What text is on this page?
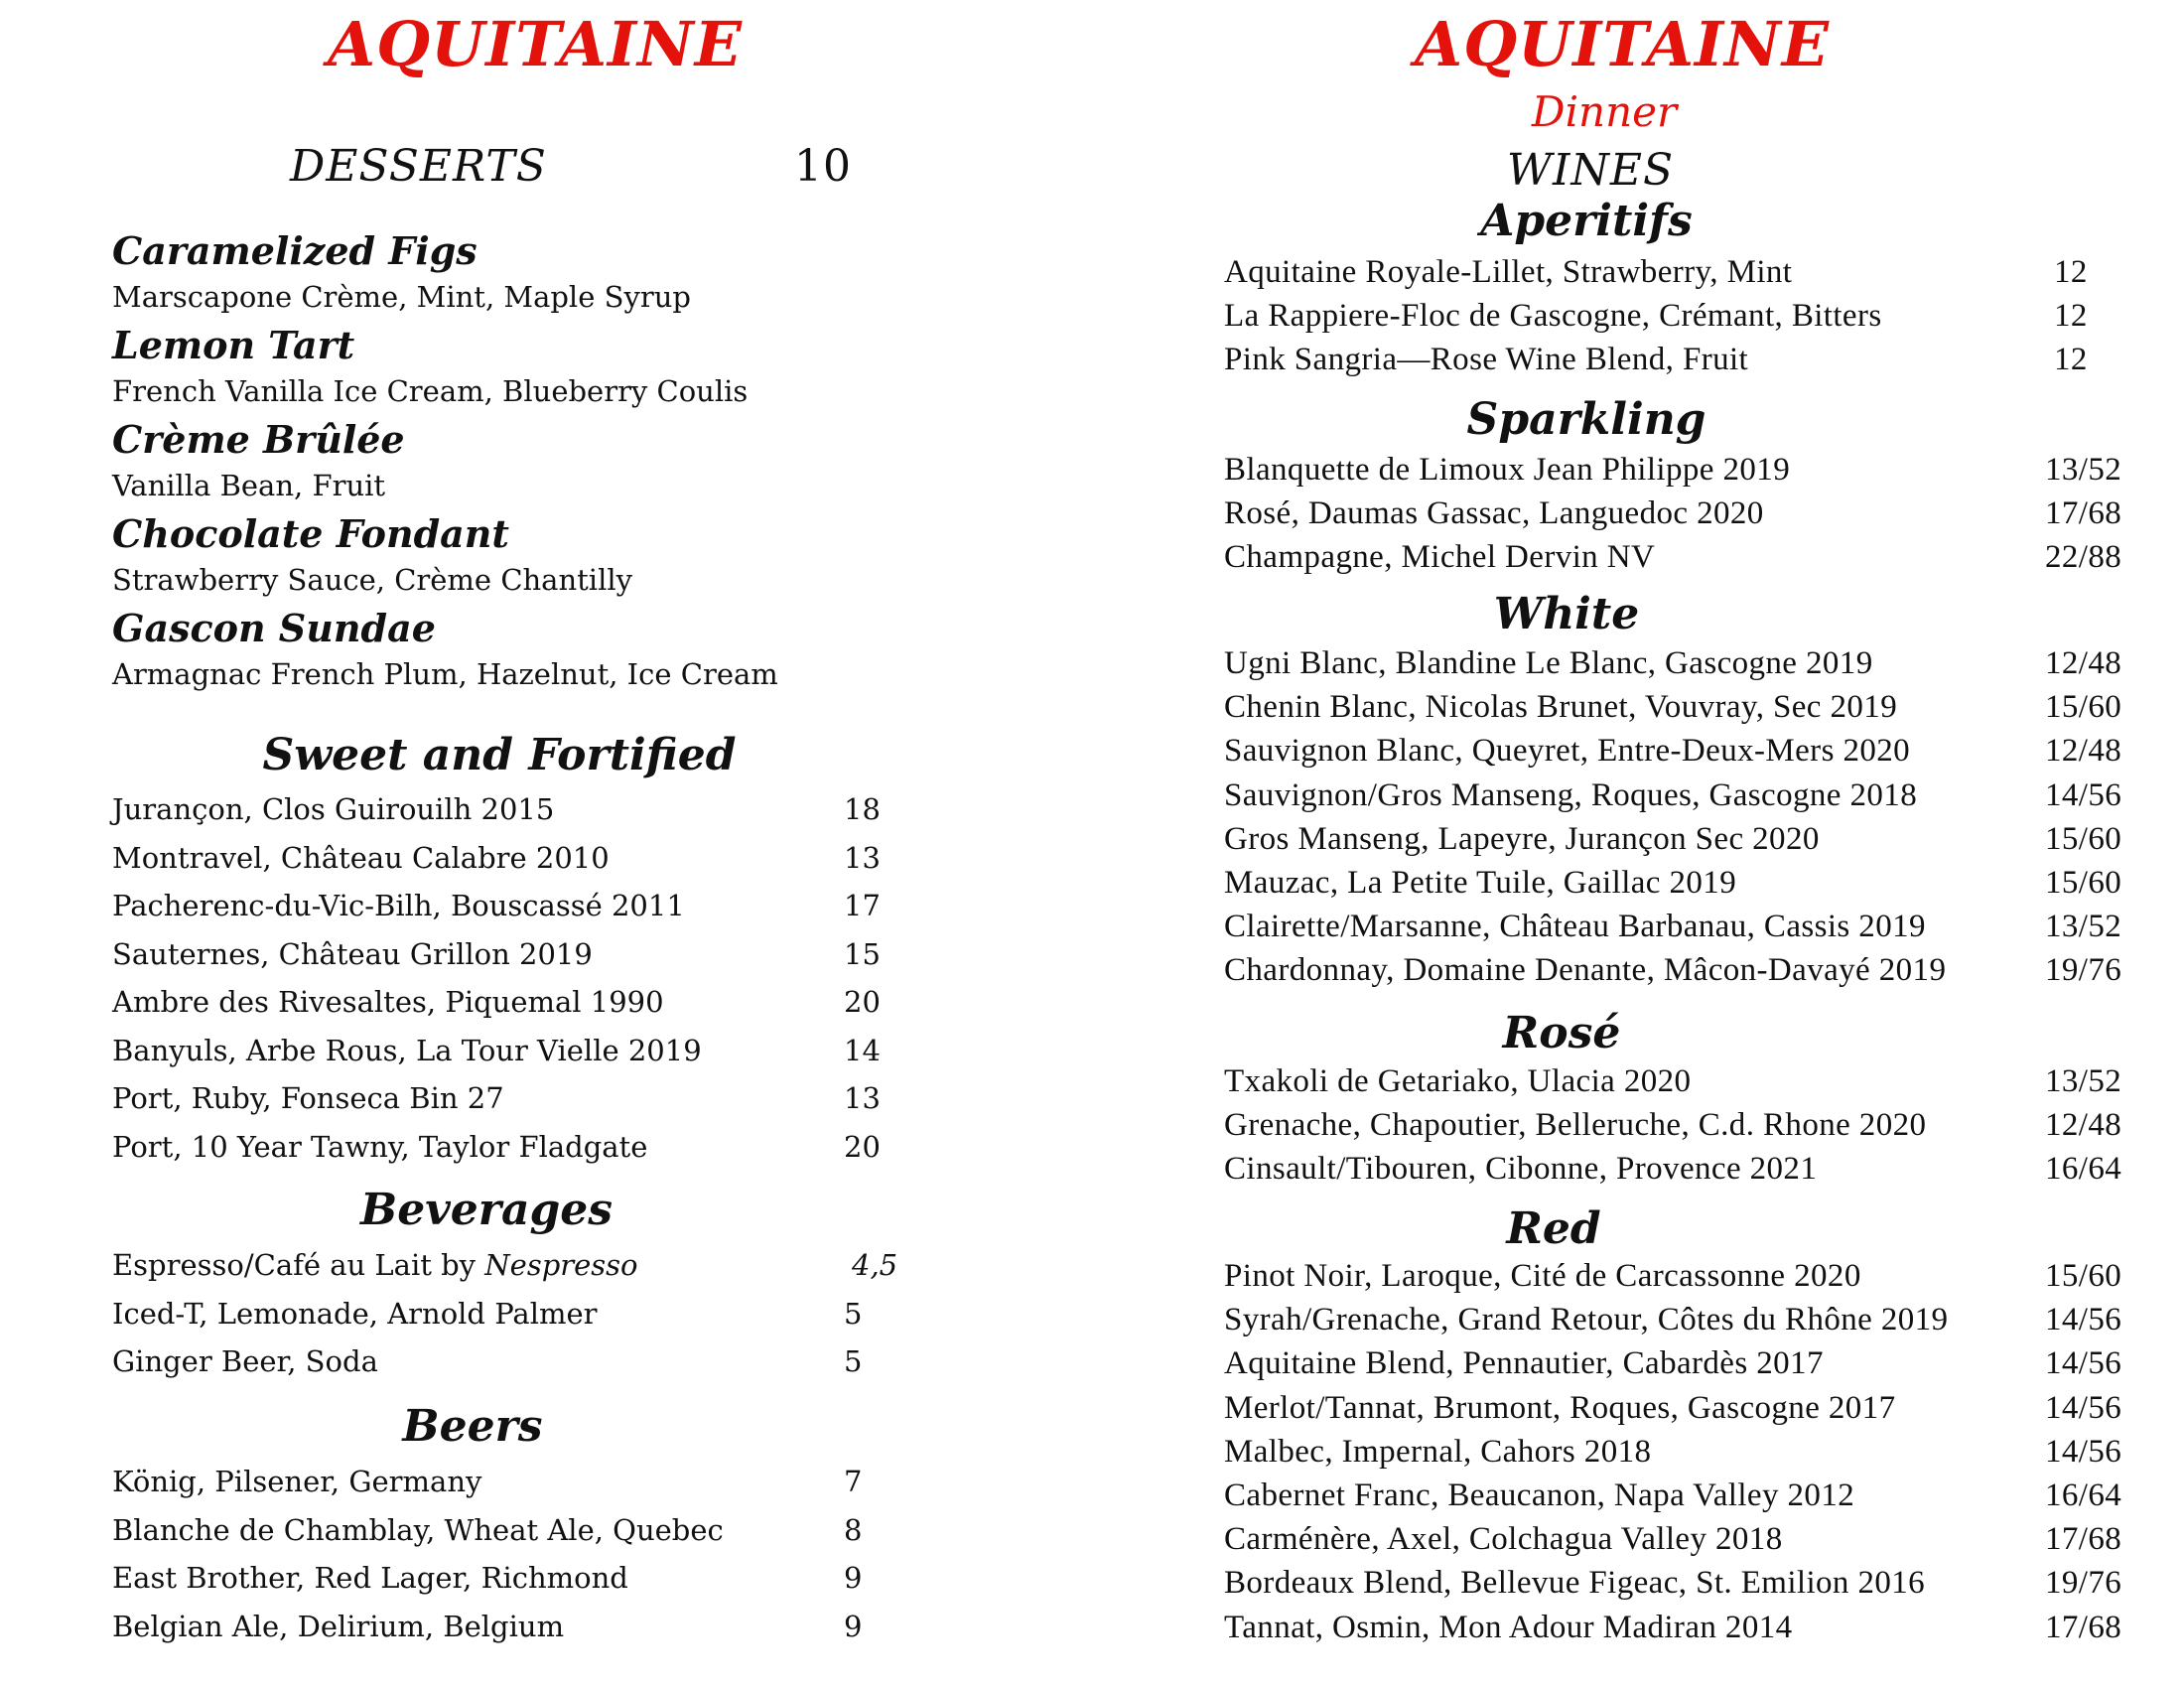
AQUITAINE
DESSERTS	10
Caramelized Figs
Marscapone Crème, Mint, Maple Syrup
Lemon Tart
French Vanilla Ice Cream, Blueberry Coulis
Crème Brûlée
Vanilla Bean, Fruit
Chocolate Fondant
Strawberry Sauce, Crème Chantilly
Gascon Sundae
Armagnac French Plum, Hazelnut, Ice Cream
Sweet and Fortified
Jurançon, Clos Guirouilh 2015	18
Montravel, Château Calabre 2010	13
Pacherenc-du-Vic-Bilh, Bouscassé 2011	17
Sauternes, Château Grillon 2019	15
Ambre des Rivesaltes, Piquemal 1990	20
Banyuls, Arbe Rous, La Tour Vielle 2019	14
Port, Ruby, Fonseca Bin 27	13
Port, 10 Year Tawny, Taylor Fladgate	20
Beverages
Espresso/Café au Lait by Nespresso	4,5
Iced-T, Lemonade, Arnold Palmer	5
Ginger Beer, Soda	5
Beers
König, Pilsener, Germany	7
Blanche de Chamblay, Wheat Ale, Quebec	8
East Brother, Red Lager, Richmond	9
Belgian Ale, Delirium, Belgium	9
AQUITAINE
Dinner
WINES
Aperitifs
Aquitaine Royale-Lillet, Strawberry, Mint	12
La Rappiere-Floc de Gascogne, Crémant, Bitters	12
Pink Sangria—Rose Wine Blend, Fruit	12
Sparkling
Blanquette de Limoux Jean Philippe 2019	13/52
Rosé, Daumas Gassac, Languedoc 2020	17/68
Champagne, Michel Dervin NV	22/88
White
Ugni Blanc, Blandine Le Blanc, Gascogne 2019	12/48
Chenin Blanc, Nicolas Brunet, Vouvray, Sec 2019	15/60
Sauvignon Blanc, Queyret, Entre-Deux-Mers 2020	12/48
Sauvignon/Gros Manseng, Roques, Gascogne 2018	14/56
Gros Manseng, Lapeyre, Jurançon Sec 2020	15/60
Mauzac, La Petite Tuile, Gaillac 2019	15/60
Clairette/Marsanne, Château Barbanau, Cassis 2019	13/52
Chardonnay, Domaine Denante, Mâcon-Davayé 2019	19/76
Rosé
Txakoli de Getariako, Ulacia 2020	13/52
Grenache, Chapoutier, Belleruche, C.d. Rhone 2020	12/48
Cinsault/Tibouren, Cibonne, Provence 2021	16/64
Red
Pinot Noir, Laroque, Cité de Carcassonne 2020	15/60
Syrah/Grenache, Grand Retour, Côtes du Rhône 2019	14/56
Aquitaine Blend, Pennautier, Cabardès 2017	14/56
Merlot/Tannat, Brumont, Roques, Gascogne 2017	14/56
Malbec, Impernal, Cahors 2018	14/56
Cabernet Franc, Beaucanon, Napa Valley 2012	16/64
Carménère, Axel, Colchagua Valley 2018	17/68
Bordeaux Blend, Bellevue Figeac, St. Emilion 2016	19/76
Tannat, Osmin, Mon Adour Madiran 2014	17/68
